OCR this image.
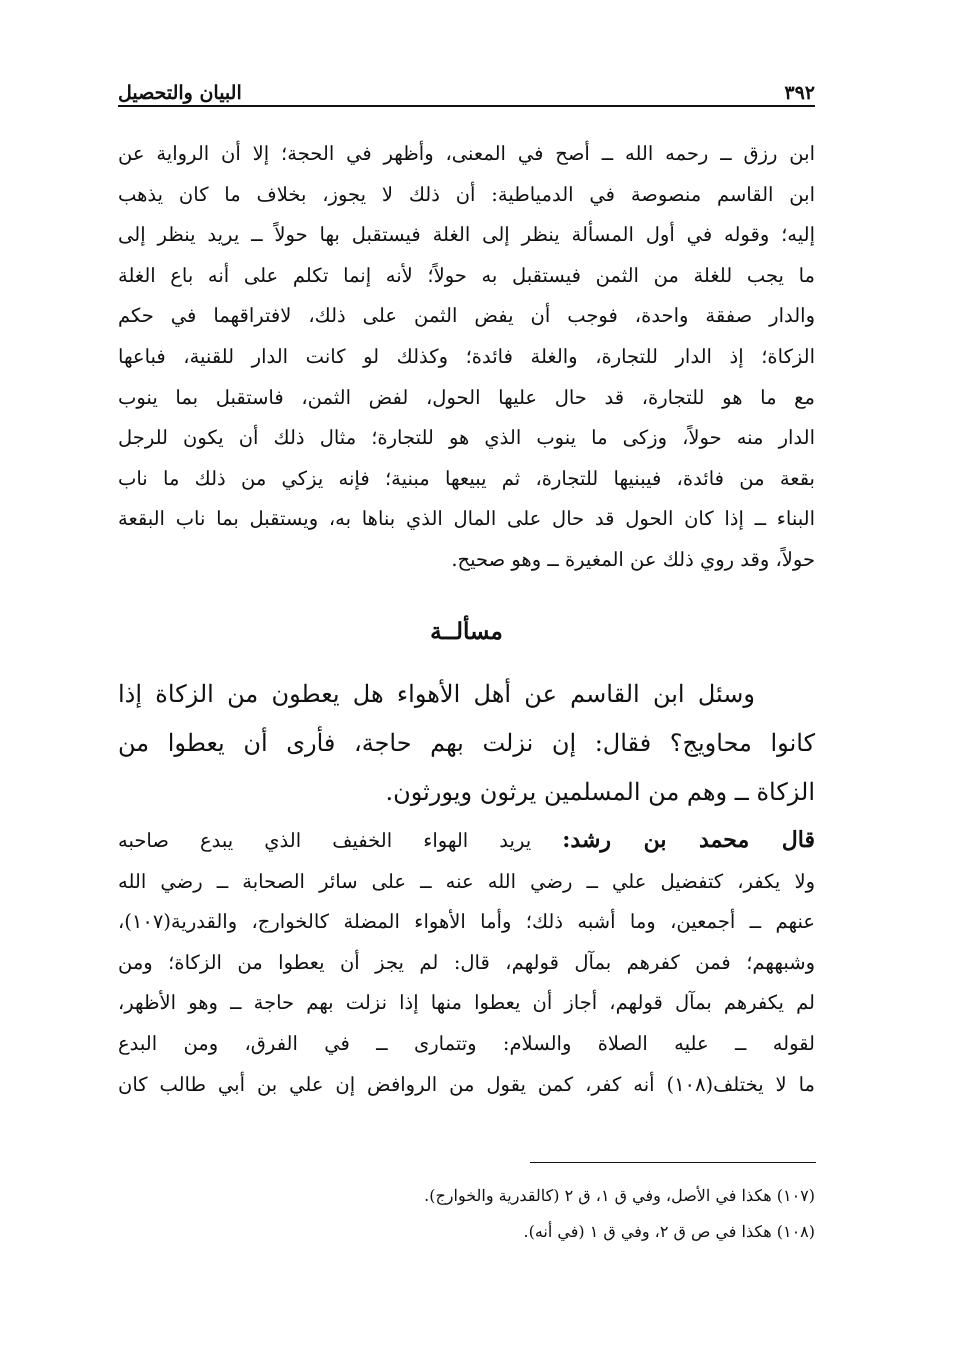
٣٩٢
البيان والتحصيل
ابن رزق ــ رحمه الله ــ أصح في المعنى، وأظهر في الحجة؛ إلا أن الرواية عن
ابن القاسم منصوصة في الدمياطية: أن ذلك لا يجوز، بخلاف ما كان يذهب
إليه؛ وقوله في أول المسألة ينظر إلى الغلة فيستقبل بها حولاً ــ يريد ينظر إلى
ما يجب للغلة من الثمن فيستقبل به حولاً؛ لأنه إنما تكلم على أنه باع الغلة
والدار صفقة واحدة، فوجب أن يفض الثمن على ذلك، لافتراقهما في حكم
الزكاة؛ إذ الدار للتجارة، والغلة فائدة؛ وكذلك لو كانت الدار للقنية، فباعها
مع ما هو للتجارة، قد حال عليها الحول، لفض الثمن، فاستقبل بما ينوب
الدار منه حولاً، وزكى ما ينوب الذي هو للتجارة؛ مثال ذلك أن يكون للرجل
بقعة من فائدة، فيبنيها للتجارة، ثم يبيعها مبنية؛ فإنه يزكي من ذلك ما ناب
البناء ــ إذا كان الحول قد حال على المال الذي بناها به، ويستقبل بما ناب البقعة
حولاً، وقد روي ذلك عن المغيرة ــ وهو صحيح.
مسألــة
وسئل ابن القاسم عن أهل الأهواء هل يعطون من الزكاة إذا
كانوا محاويج؟ فقال: إن نزلت بهم حاجة، فأرى أن يعطوا من
الزكاة ــ وهم من المسلمين يرثون ويورثون.
قال محمد بن رشد: يريد الهواء الخفيف الذي يبدع صاحبه
ولا يكفر، كتفضيل علي ــ رضي الله عنه ــ على سائر الصحابة ــ رضي الله
عنهم ــ أجمعين، وما أشبه ذلك؛ وأما الأهواء المضلة كالخوارج، والقدرية(١٠٧)،
وشبههم؛ فمن كفرهم بمآل قولهم، قال: لم يجز أن يعطوا من الزكاة؛ ومن
لم يكفرهم بمآل قولهم، أجاز أن يعطوا منها إذا نزلت بهم حاجة ــ وهو الأظهر،
لقوله ــ عليه الصلاة والسلام: وتتمارى ــ في الفرق، ومن البدع
ما لا يختلف(١٠٨) أنه كفر، كمن يقول من الروافض إن علي بن أبي طالب كان
(١٠٧) هكذا في الأصل، وفي ق ١، ق ٢ (كالقدرية والخوارج).
(١٠٨) هكذا في ص ق ٢، وفي ق ١ (في أنه).
